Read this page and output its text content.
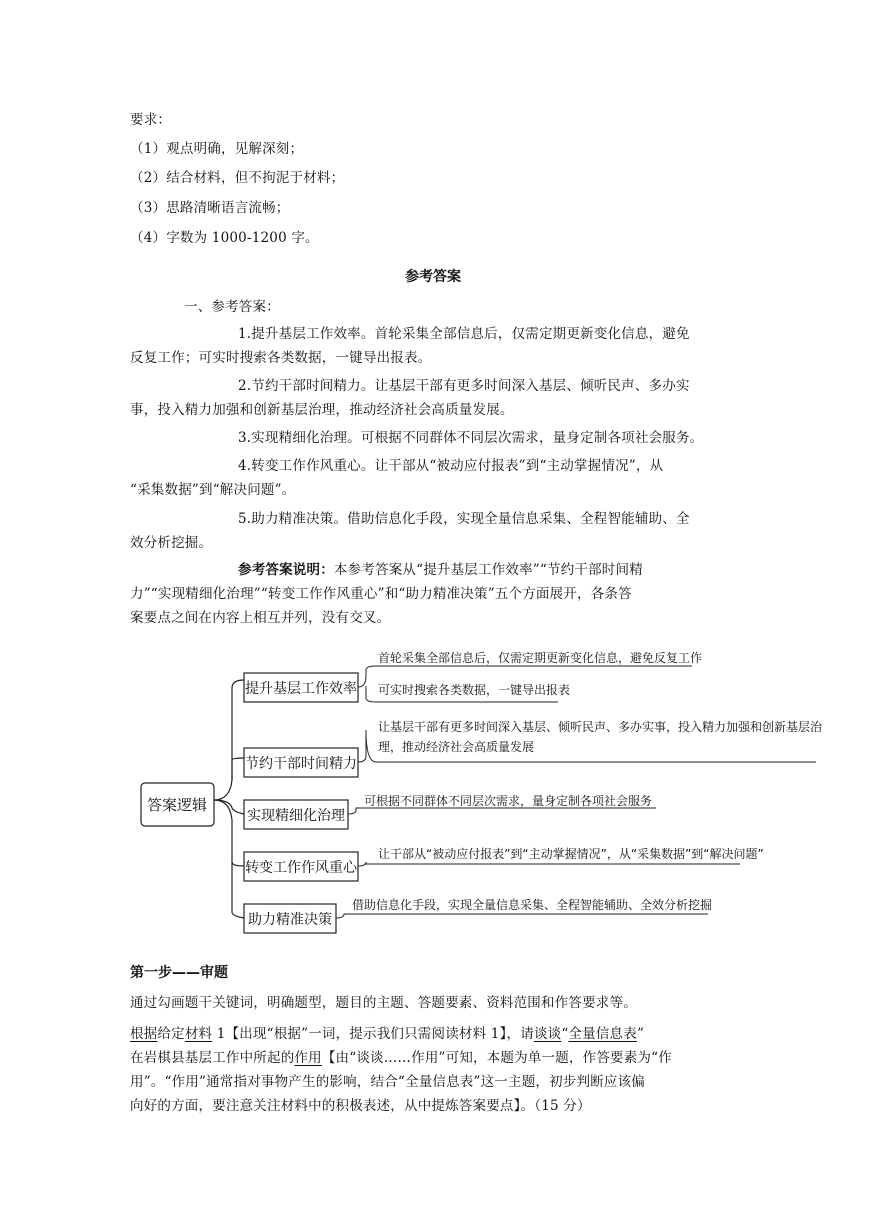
要求：
（1）观点明确，见解深刻；
（2）结合材料，但不拘泥于材料；
（3）思路清晰语言流畅；
（4）字数为 1000-1200 字。
参考答案
一、参考答案：
1.提升基层工作效率。首轮采集全部信息后，仅需定期更新变化信息，避免
反复工作；可实时搜索各类数据，一键导出报表。
2.节约干部时间精力。让基层干部有更多时间深入基层、倾听民声、多办实
事，投入精力加强和创新基层治理，推动经济社会高质量发展。
3.实现精细化治理。可根据不同群体不同层次需求，量身定制各项社会服务。
4.转变工作作风重心。让干部从“被动应付报表”到“主动掌握情况”，从
“采集数据”到“解决问题”。
5.助力精准决策。借助信息化手段，实现全量信息采集、全程智能辅助、全
效分析挖掘。
参考答案说明：本参考答案从“提升基层工作效率”“节约干部时间精
力”“实现精细化治理”“转变工作作风重心”和“助力精准决策”五个方面展开，各条答
案要点之间在内容上相互并列，没有交叉。
答案逻辑
提升基层工作效率
首轮采集全部信息后，仅需定期更新变化信息，避免反复工作
可实时搜索各类数据，一键导出报表
节约干部时间精力
让基层干部有更多时间深入基层、倾听民声、多办实事，投入精力加强和创新基层治
理，推动经济社会高质量发展
实现精细化治理
可根据不同群体不同层次需求，量身定制各项社会服务
转变工作作风重心
让干部从“被动应付报表”到“主动掌握情况”，从“采集数据”到“解决问题”
助力精准决策
借助信息化手段，实现全量信息采集、全程智能辅助、全效分析挖掘
第一步——审题
通过勾画题干关键词，明确题型，题目的主题、答题要素、资料范围和作答要求等。
根据给定材料 1【出现“根据”一词，提示我们只需阅读材料 1】，请谈谈“全量信息表”
在岩棋县基层工作中所起的作用【由“谈谈……作用”可知，本题为单一题，作答要素为“作
用”。“作用”通常指对事物产生的影响，结合“全量信息表”这一主题，初步判断应该偏
向好的方面，要注意关注材料中的积极表述，从中提炼答案要点】。（15 分）
